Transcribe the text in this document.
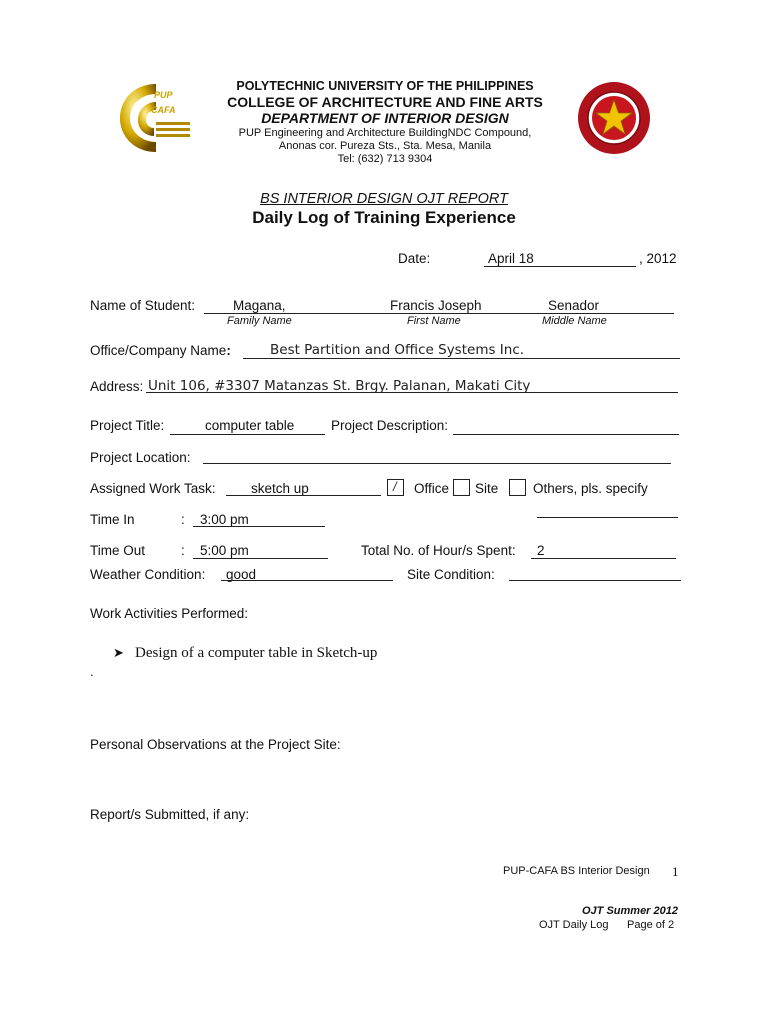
PUP
CAFA
POLYTECHNIC UNIVERSITY OF THE PHILIPPINES
COLLEGE OF ARCHITECTURE AND FINE ARTS
DEPARTMENT OF INTERIOR DESIGN
PUP Engineering and Architecture BuildingNDC Compound,
Anonas cor. Pureza Sts., Sta. Mesa, Manila
Tel: (632) 713 9304
BS INTERIOR DESIGN OJT REPORT
Daily Log of Training Experience
Date:	April 18	, 2012
Name of Student:	Magana,	Francis Joseph	Senador
Family Name	First Name	Middle Name
Office/Company Name:	Best Partition and Office Systems Inc.
Address: Unit 106, #3307 Matanzas St. Brgy. Palanan, Makati City
Project Title:	computer table	Project Description:
Project Location:
Assigned Work Task:	sketch up	/ Office Site	Others, pls. specify
Time In	: 3:00 pm
Time Out	: 5:00 pm	Total No. of Hour/s Spent: 2
Weather Condition: good	Site Condition:
Work Activities Performed:
➤ Design of a computer table in Sketch-up
.
Personal Observations at the Project Site:
Report/s Submitted, if any:
PUP-CAFA BS Interior Design 1
OJT Summer 2012
OJT Daily Log Page of 2
